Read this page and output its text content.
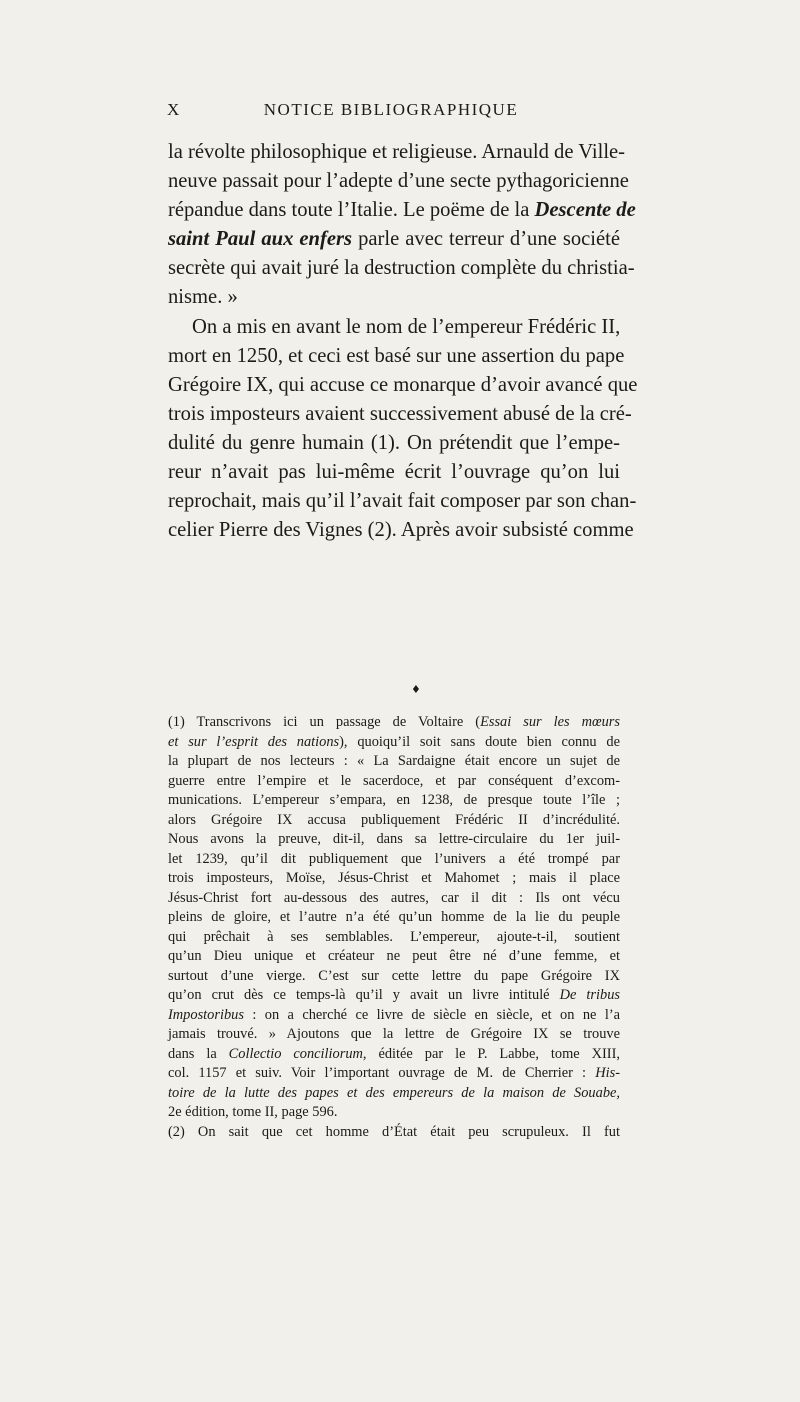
X	NOTICE BIBLIOGRAPHIQUE
la révolte philosophique et religieuse. Arnauld de Ville-
neuve passait pour l’adepte d’une secte pythagoricienne
répandue dans toute l’Italie. Le poëme de la Descente de
saint Paul aux enfers parle avec terreur d’une société
secrète qui avait juré la destruction complète du christia-
nisme. »
On a mis en avant le nom de l’empereur Frédéric II,
mort en 1250, et ceci est basé sur une assertion du pape
Grégoire IX, qui accuse ce monarque d’avoir avancé que
trois imposteurs avaient successivement abusé de la cré-
dulité du genre humain (1). On prétendit que l’empe-
reur n’avait pas lui-même écrit l’ouvrage qu’on lui
reprochait, mais qu’il l’avait fait composer par son chan-
celier Pierre des Vignes (2). Après avoir subsisté comme
♦
(1) Transcrivons ici un passage de Voltaire (Essai sur les mœurs
et sur l’esprit des nations), quoiqu’il soit sans doute bien connu de
la plupart de nos lecteurs : « La Sardaigne était encore un sujet de
guerre entre l’empire et le sacerdoce, et par conséquent d’excom-
munications. L’empereur s’empara, en 1238, de presque toute l’île ;
alors Grégoire IX accusa publiquement Frédéric II d’incrédulité.
Nous avons la preuve, dit-il, dans sa lettre-circulaire du 1er juil-
let 1239, qu’il dit publiquement que l’univers a été trompé par
trois imposteurs, Moïse, Jésus-Christ et Mahomet ; mais il place
Jésus-Christ fort au-dessous des autres, car il dit : Ils ont vécu
pleins de gloire, et l’autre n’a été qu’un homme de la lie du peuple
qui prêchait à ses semblables. L’empereur, ajoute-t-il, soutient
qu’un Dieu unique et créateur ne peut être né d’une femme, et
surtout d’une vierge. C’est sur cette lettre du pape Grégoire IX
qu’on crut dès ce temps-là qu’il y avait un livre intitulé De tribus
Impostoribus : on a cherché ce livre de siècle en siècle, et on ne l’a
jamais trouvé. » Ajoutons que la lettre de Grégoire IX se trouve
dans la Collectio conciliorum, éditée par le P. Labbe, tome XIII,
col. 1157 et suiv. Voir l’important ouvrage de M. de Cherrier : His-
toire de la lutte des papes et des empereurs de la maison de Souabe,
2e édition, tome II, page 596.
(2) On sait que cet homme d’État était peu scrupuleux. Il fut
